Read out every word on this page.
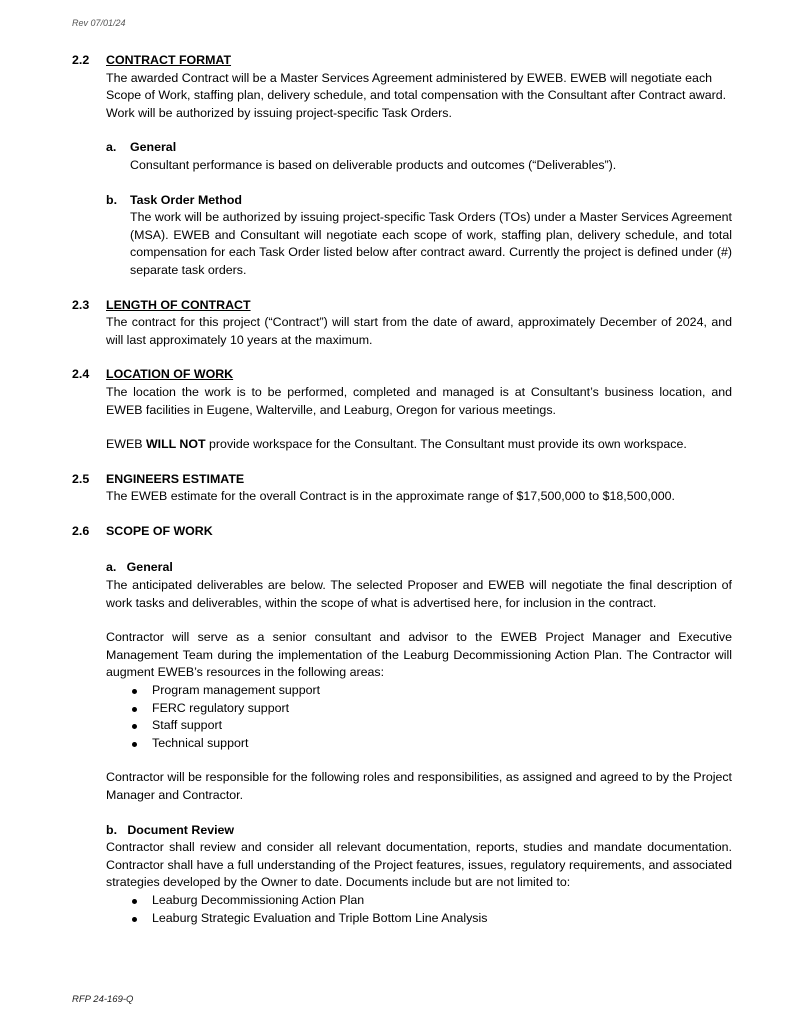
Rev 07/01/24
2.2 CONTRACT FORMAT

The awarded Contract will be a Master Services Agreement administered by EWEB. EWEB will negotiate each Scope of Work, staffing plan, delivery schedule, and total compensation with the Consultant after Contract award. Work will be authorized by issuing project-specific Task Orders.

a. General

Consultant performance is based on deliverable products and outcomes (“Deliverables”).

b. Task Order Method

The work will be authorized by issuing project-specific Task Orders (TOs) under a Master Services Agreement (MSA). EWEB and Consultant will negotiate each scope of work, staffing plan, delivery schedule, and total compensation for each Task Order listed below after contract award. Currently the project is defined under (#) separate task orders.

2.3 LENGTH OF CONTRACT

The contract for this project (“Contract”) will start from the date of award, approximately December of 2024, and will last approximately 10 years at the maximum.

2.4 LOCATION OF WORK

The location the work is to be performed, completed and managed is at Consultant’s business location, and EWEB facilities in Eugene, Walterville, and Leaburg, Oregon for various meetings.

EWEB WILL NOT provide workspace for the Consultant. The Consultant must provide its own workspace.

2.5 ENGINEERS ESTIMATE

The EWEB estimate for the overall Contract is in the approximate range of $17,500,000 to $18,500,000.

2.6 SCOPE OF WORK

a. General

The anticipated deliverables are below. The selected Proposer and EWEB will negotiate the final description of work tasks and deliverables, within the scope of what is advertised here, for inclusion in the contract.

Contractor will serve as a senior consultant and advisor to the EWEB Project Manager and Executive Management Team during the implementation of the Leaburg Decommissioning Action Plan. The Contractor will augment EWEB’s resources in the following areas:

Program management support
FERC regulatory support
Staff support
Technical support

Contractor will be responsible for the following roles and responsibilities, as assigned and agreed to by the Project Manager and Contractor.

b. Document Review

Contractor shall review and consider all relevant documentation, reports, studies and mandate documentation. Contractor shall have a full understanding of the Project features, issues, regulatory requirements, and associated strategies developed by the Owner to date. Documents include but are not limited to:

Leaburg Decommissioning Action Plan
Leaburg Strategic Evaluation and Triple Bottom Line Analysis
RFP 24-169-Q
